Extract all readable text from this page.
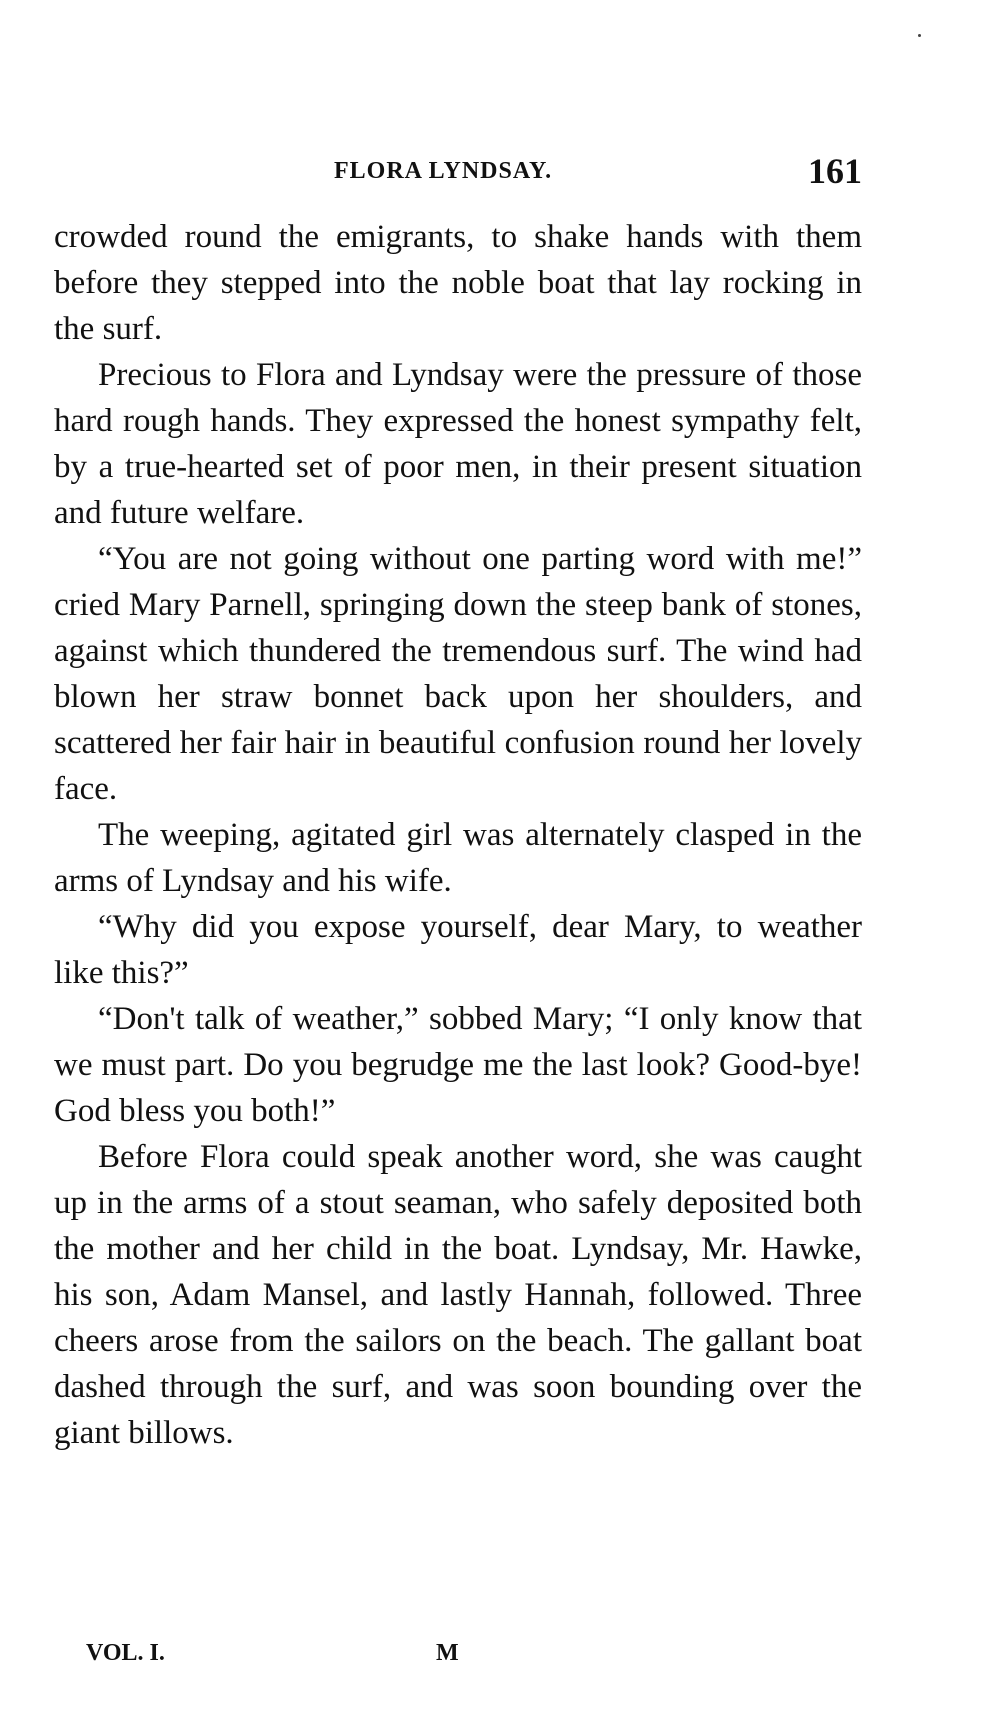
FLORA LYNDSAY.	161

crowded round the emigrants, to shake hands with them before they stepped into the noble boat that lay rocking in the surf.

Precious to Flora and Lyndsay were the pressure of those hard rough hands. They expressed the honest sympathy felt, by a true-hearted set of poor men, in their present situation and future welfare.

“You are not going without one parting word with me!” cried Mary Parnell, springing down the steep bank of stones, against which thundered the tremendous surf. The wind had blown her straw bonnet back upon her shoulders, and scattered her fair hair in beautiful confusion round her lovely face.

The weeping, agitated girl was alternately clasped in the arms of Lyndsay and his wife.

“Why did you expose yourself, dear Mary, to weather like this?”

“Don't talk of weather,” sobbed Mary; “I only know that we must part. Do you begrudge me the last look? Good-bye! God bless you both!”

Before Flora could speak another word, she was caught up in the arms of a stout seaman, who safely deposited both the mother and her child in the boat. Lyndsay, Mr. Hawke, his son, Adam Mansel, and lastly Hannah, followed. Three cheers arose from the sailors on the beach. The gallant boat dashed through the surf, and was soon bounding over the giant billows.

VOL. I.	M
